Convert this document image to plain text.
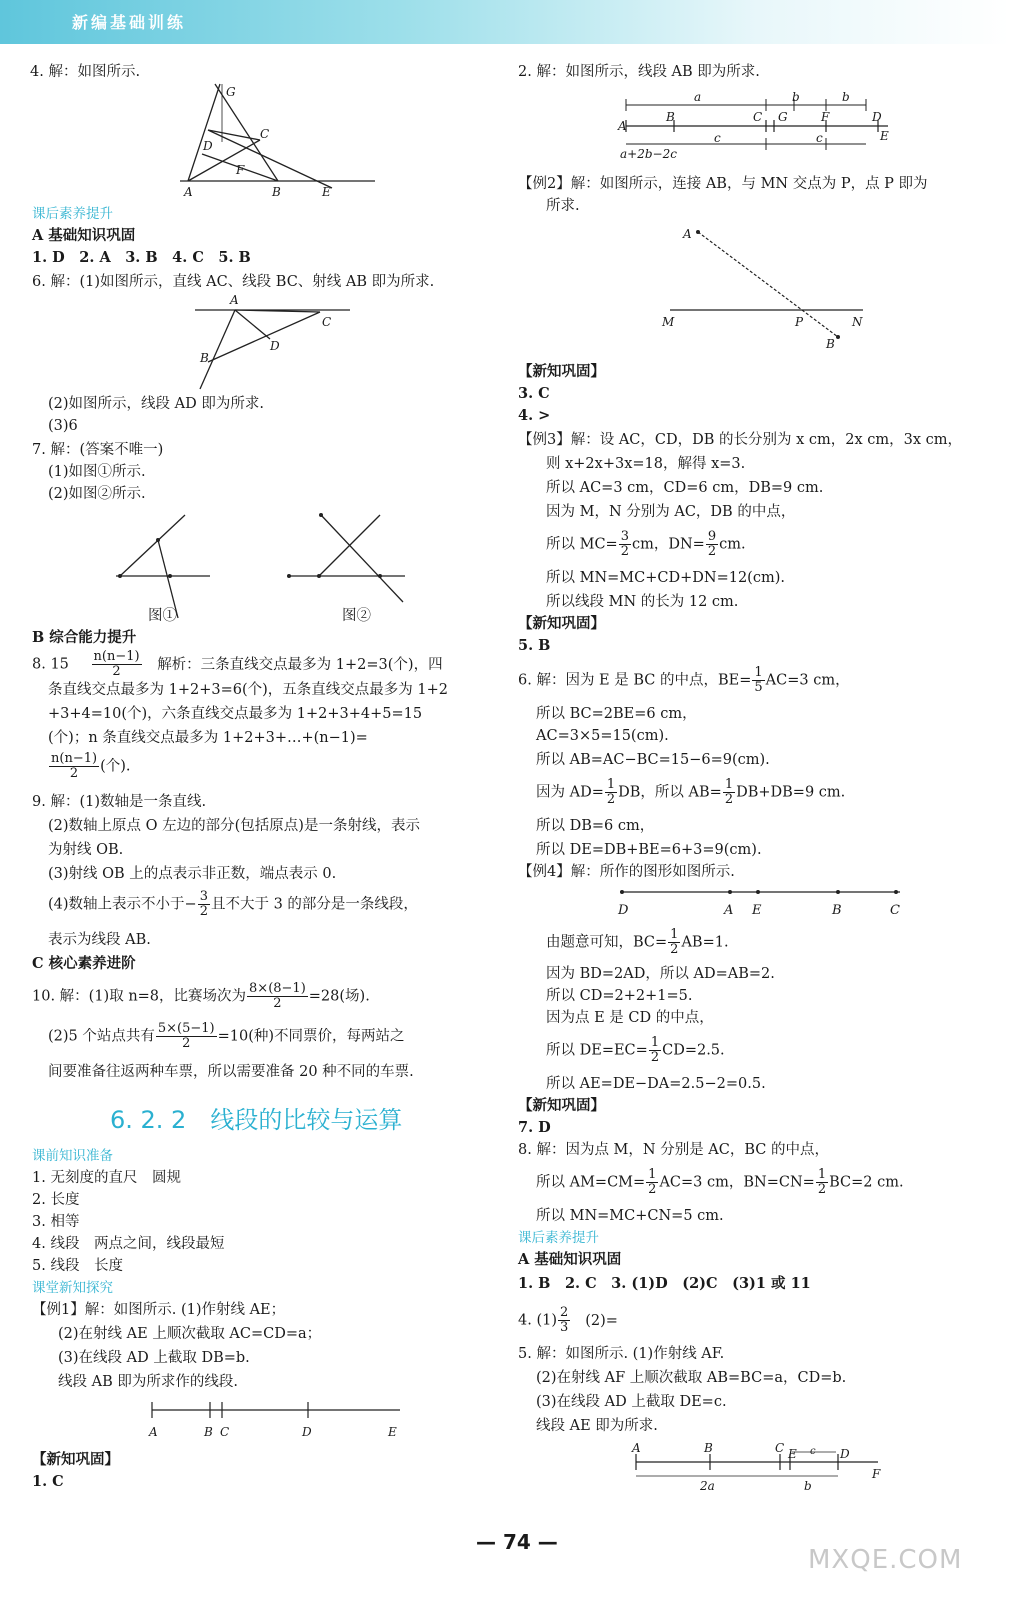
新编基础训练
4. 解：如图所示.
G
D
C
F
A	B	E
课后素养提升
A 基础知识巩固
1. D　2. A　3. B　4. C　5. B
6. 解：(1)如图所示，直线 AC、线段 BC、射线 AB 即为所求.
A
C
D
B
(2)如图所示，线段 AD 即为所求.
(3)6
7. 解：(答案不唯一)
(1)如图①所示.
(2)如图②所示.
图①	图②
B 综合能力提升
8. $15 \frac{n(n-1)}{2}$ 解析：三条直线交点最多为 1+2=3(个)，四
条直线交点最多为 1+2+3=6(个)，五条直线交点最多为 1+2
+3+4=10(个)，六条直线交点最多为 1+2+3+4+5=15
(个)；n 条直线交点最多为 1+2+3+…+(n−1)=
$\frac{n(n-1)}{2}$ (个).
9. 解：(1)数轴是一条直线.
(2)数轴上原点 O 左边的部分(包括原点)是一条射线，表示
为射线 OB.
(3)射线 OB 上的点表示非正数，端点表示 0.
(4)数轴上表示不小于− $\frac{3}{2}$ 且不大于 3 的部分是一条线段，
表示为线段 AB.
C 核心素养进阶
10. 解：(1)取 n=8，比赛场次为 $\frac{8\times(8-1)}{2} =28$(场).
(2)5 个站点共有 $\frac{5\times(5-1)}{2} =10$(种)不同票价，每两站之
间要准备往返两种车票，所以需要准备 20 种不同的车票.
6. 2. 2　线段的比较与运算
课前知识准备
1. 无刻度的直尺　圆规
2. 长度
3. 相等
4. 线段　两点之间，线段最短
5. 线段　长度
课堂新知探究
【例1】解：如图所示. (1)作射线 AE；
(2)在射线 AE 上顺次截取 AC=CD=a；
(3)在线段 AD 上截取 DB=b.
线段 AB 即为所求作的线段.
A	B C	D	E
【新知巩固】
1. C
2. 解：如图所示，线段 AB 即为所求.
a	b	b
A
B	C G	F	D
E
c	c
a+2b−2c
【例2】解：如图所示，连接 AB，与 MN 交点为 P，点 P 即为
所求.
A
M	P	N
B
【新知巩固】
3. C
4. >
【例3】解：设 AC，CD，DB 的长分别为 x cm，2x cm，3x cm，
则 x+2x+3x=18，解得 x=3.
所以 AC=3 cm，CD=6 cm，DB=9 cm.
因为 M，N 分别为 AC，DB 的中点，
所以 $MC= \frac{3}{2}$ cm，$DN= \frac{9}{2}$ cm.
所以 MN=MC+CD+DN=12(cm).
所以线段 MN 的长为 12 cm.
【新知巩固】
5. B
6. 解：因为 E 是 BC 的中点，$BE= \frac{1}{5} AC=3$ cm，
所以 BC=2BE=6 cm，
AC=3×5=15(cm).
所以 AB=AC−BC=15−6=9(cm).
因为 $AD= \frac{1}{2}$ DB，所以 $AB= \frac{1}{2} DB+DB=9$ cm.
所以 DB=6 cm，
所以 DE=DB+BE=6+3=9(cm).
【例4】解：所作的图形如图所示.
D	A E	B	C
由题意可知，$BC= \frac{1}{2} AB=1$.
因为 BD=2AD，所以 AD=AB=2.
所以 CD=2+2+1=5.
因为点 E 是 CD 的中点，
所以 $DE=EC= \frac{1}{2} CD=2.5$.
所以 AE=DE−DA=2.5−2=0.5.
【新知巩固】
7. D
8. 解：因为点 M，N 分别是 AC，BC 的中点，
所以 $AM=CM= \frac{1}{2} AC=3$ cm，$BN=CN= \frac{1}{2} BC=2$ cm.
所以 MN=MC+CN=5 cm.
课后素养提升
A 基础知识巩固
1. B　2. C　3. (1)D　(2)C　(3)1 或 11
4. $(1) \frac{2}{3} (2)=$
5. 解：如图所示. (1)作射线 AF.
(2)在射线 AF 上顺次截取 AB=BC=a，CD=b.
(3)在线段 AD 上截取 DE=c.
线段 AE 即为所求.
A	B	C E	D
F
c
2a	b
— 74 —
MXQE.COM
